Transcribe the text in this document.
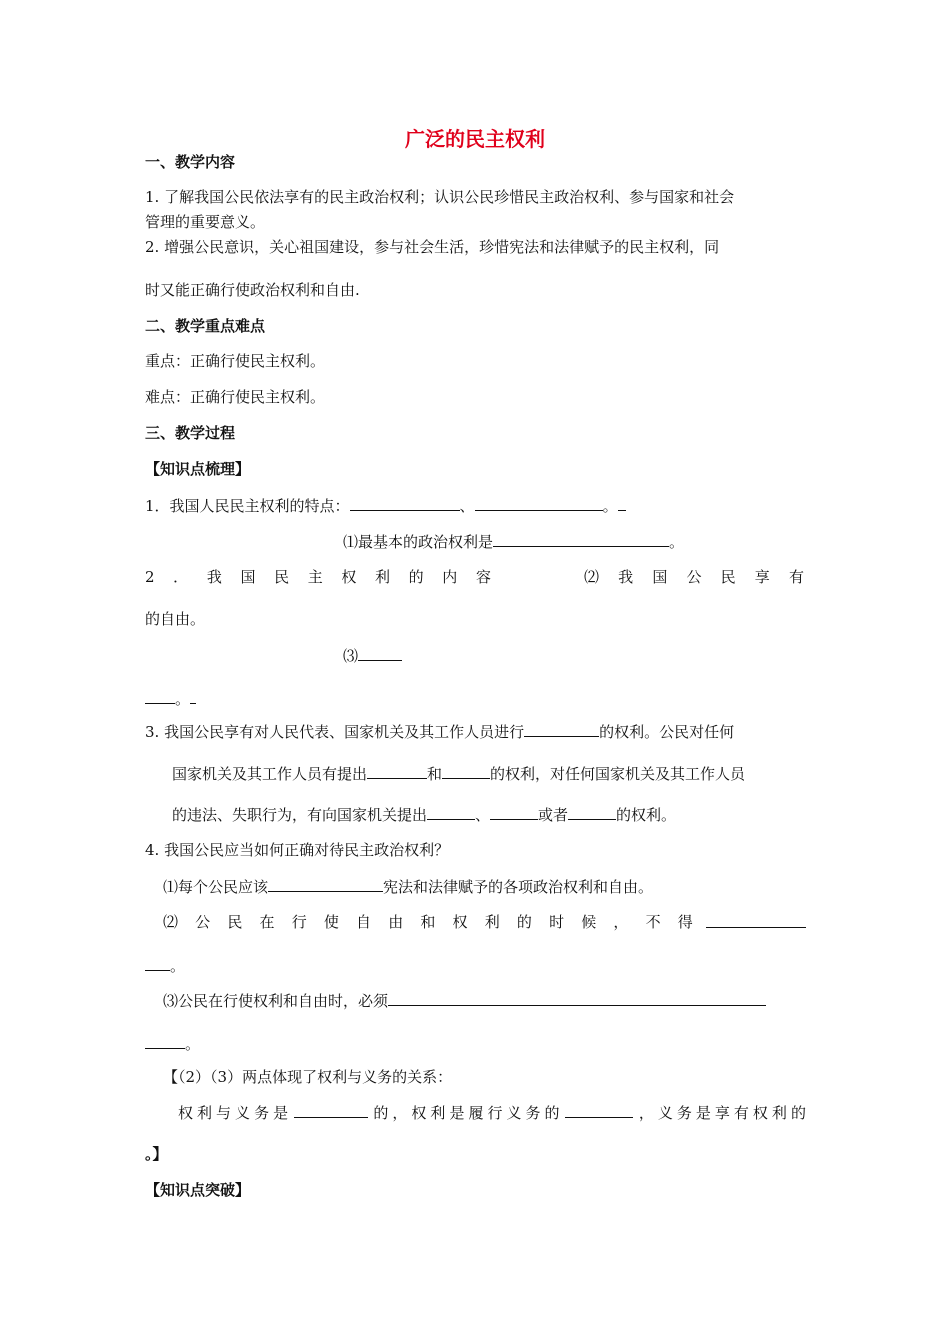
广泛的民主权利
一、教学内容
1. 了解我国公民依法享有的民主政治权利；认识公民珍惜民主政治权利、参与国家和社会
管理的重要意义。
2. 增强公民意识，关心祖国建设，参与社会生活，珍惜宪法和法律赋予的民主权利，同
时又能正确行使政治权利和自由.
二、教学重点难点
重点：正确行使民主权利。
难点：正确行使民主权利。
三、教学过程
【知识点梳理】
1．我国人民民主权利的特点：	、	。
⑴最基本的政治权利是	。
2 ． 我 国 民 主 权 利 的 内 容	⑵ 我 国 公 民 享 有
的自由。
⑶
。
3. 我国公民享有对人民代表、国家机关及其工作人员进行	的权利。公民对任何
国家机关及其工作人员有提出	和	的权利，对任何国家机关及其工作人员
的违法、失职行为，有向国家机关提出	、	或者	的权利。
4. 我国公民应当如何正确对待民主政治权利？
⑴每个公民应该	宪法和法律赋予的各项政治权利和自由。
⑵ 公 民 在 行 使 自 由 和 权 利 的 时 候 ， 不 得
。
⑶公民在行使权利和自由时，必须
。
【（2）（3）两点体现了权利与义务的关系：
权 利 与 义 务 是	的 ， 权 利 是 履 行 义 务 的	， 义 务 是 享 有 权 利 的
。】
【知识点突破】
